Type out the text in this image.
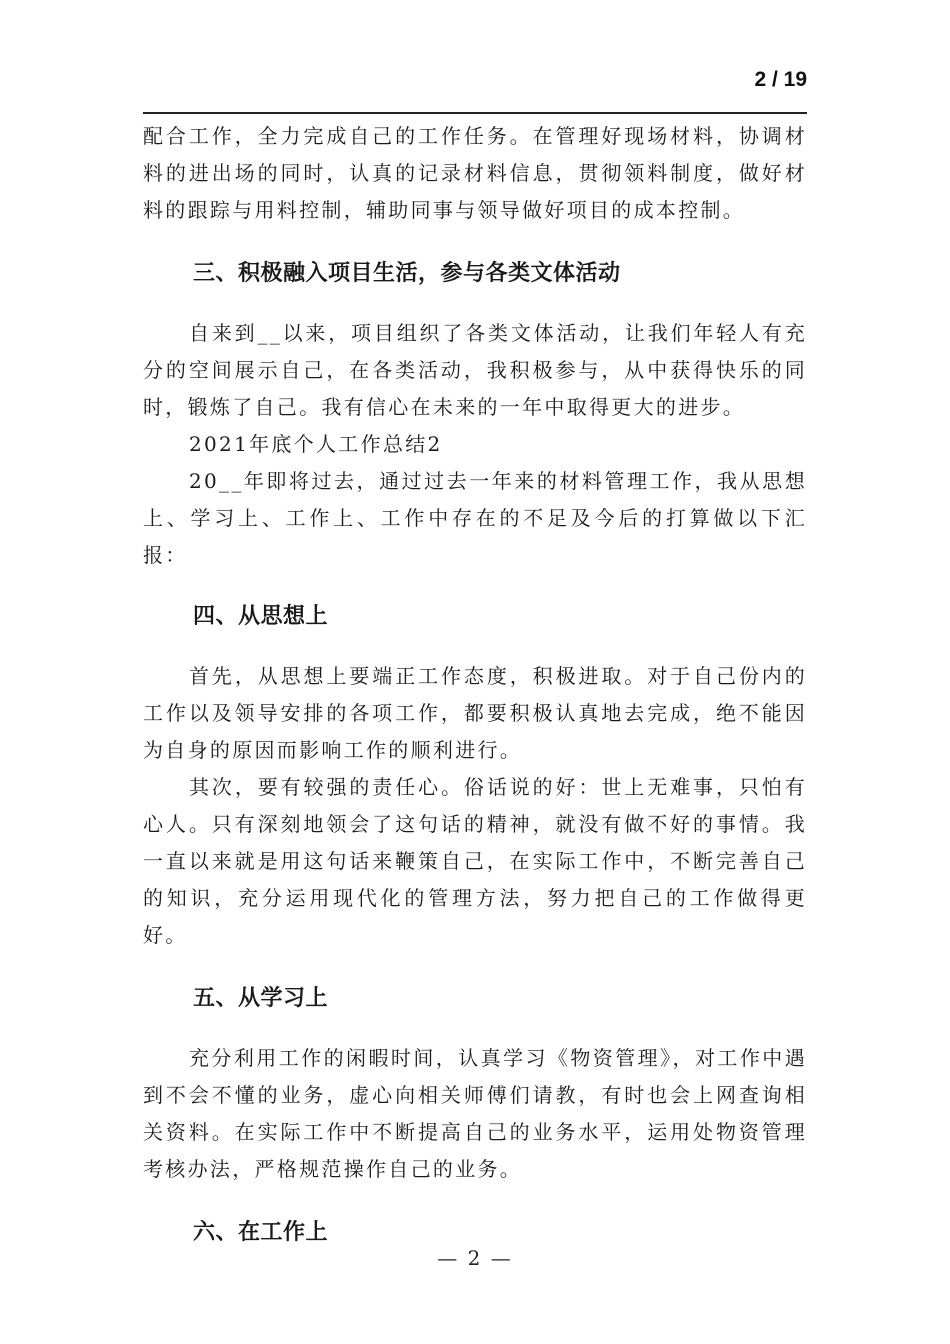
2 / 19

配合工作，全力完成自己的工作任务。在管理好现场材料，协调材料的进出场的同时，认真的记录材料信息，贯彻领料制度，做好材料的跟踪与用料控制，辅助同事与领导做好项目的成本控制。

三、积极融入项目生活，参与各类文体活动

自来到__以来，项目组织了各类文体活动，让我们年轻人有充分的空间展示自己，在各类活动，我积极参与，从中获得快乐的同时，锻炼了自己。我有信心在未来的一年中取得更大的进步。

2021年底个人工作总结2

20__年即将过去，通过过去一年来的材料管理工作，我从思想上、学习上、工作上、工作中存在的不足及今后的打算做以下汇报：

四、从思想上

首先，从思想上要端正工作态度，积极进取。对于自己份内的工作以及领导安排的各项工作，都要积极认真地去完成，绝不能因为自身的原因而影响工作的顺利进行。

其次，要有较强的责任心。俗话说的好：世上无难事，只怕有心人。只有深刻地领会了这句话的精神，就没有做不好的事情。我一直以来就是用这句话来鞭策自己，在实际工作中，不断完善自己的知识，充分运用现代化的管理方法，努力把自己的工作做得更好。

五、从学习上

充分利用工作的闲暇时间，认真学习《物资管理》，对工作中遇到不会不懂的业务，虚心向相关师傅们请教，有时也会上网查询相关资料。在实际工作中不断提高自己的业务水平，运用处物资管理考核办法，严格规范操作自己的业务。

六、在工作上
— 2 —
